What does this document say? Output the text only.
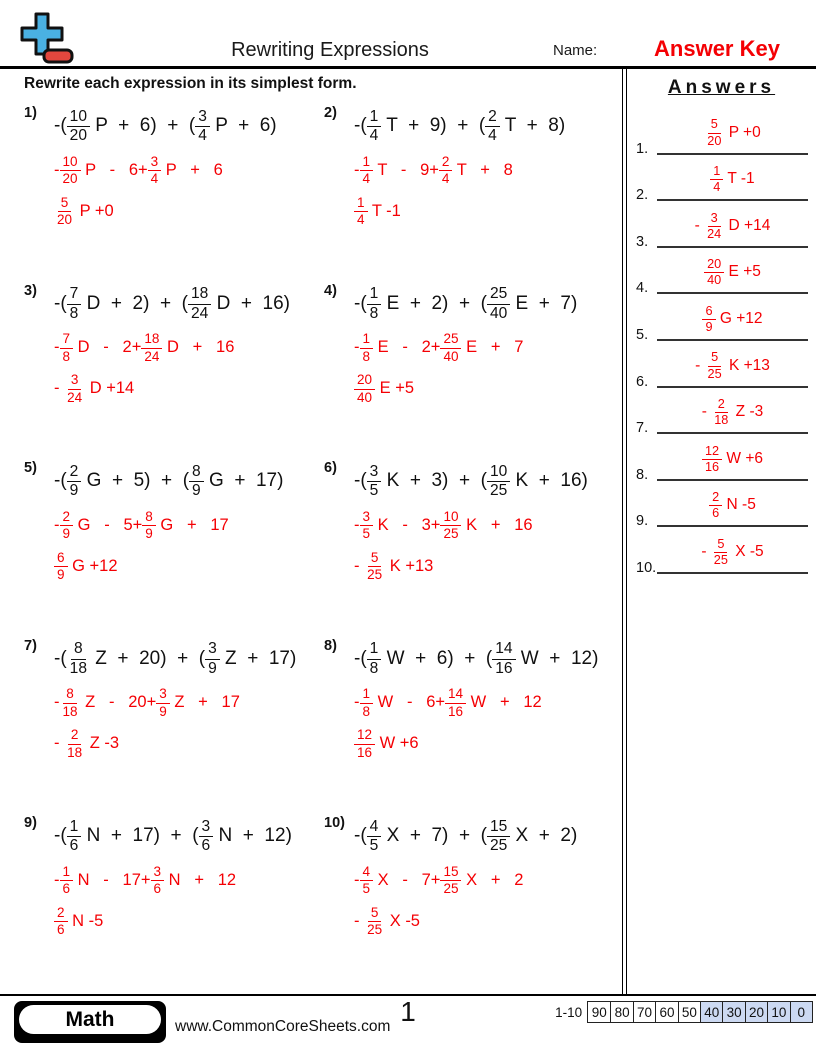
Rewriting Expressions	Name:	Answer Key
Rewrite each expression in its simplest form.
1)
-( $\frac{10}{20}$ P  +  6)  +  ( $\frac{3}{4}$ P  +  6)
- $\frac{10}{20}$ $P - 6+ \frac{3}{4}$ P   +   6
$\frac{5}{20}$ P +0
2)
-( $\frac{1}{4}$ T  +  9)  +  ( $\frac{2}{4}$ T  +  8)
- $\frac{1}{4}$ $T - 9+ \frac{2}{4}$ T   +   8
$\frac{1}{4}$ T -1
3)
-( $\frac{7}{8}$ D  +  2)  +  ( $\frac{18}{24}$ D  +  16)
- $\frac{7}{8}$ $D - 2+ \frac{18}{24}$ D   +   16
- $\frac{3}{24}$ D +14
4)
-( $\frac{1}{8}$ E  +  2)  +  ( $\frac{25}{40}$ E  +  7)
- $\frac{1}{8}$ $E - 2+ \frac{25}{40}$ E   +   7
$\frac{20}{40}$ E +5
5)
-( $\frac{2}{9}$ G  +  5)  +  ( $\frac{8}{9}$ G  +  17)
- $\frac{2}{9}$ $G - 5+ \frac{8}{9}$ G   +   17
$\frac{6}{9}$ G +12
6)
-( $\frac{3}{5}$ K  +  3)  +  ( $\frac{10}{25}$ K  +  16)
- $\frac{3}{5}$ $K - 3+ \frac{10}{25}$ K   +   16
- $\frac{5}{25}$ K +13
7)
-( $\frac{8}{18}$ Z  +  20)  +  ( $\frac{3}{9}$ Z  +  17)
- $\frac{8}{18}$ $Z - 20+ \frac{3}{9}$ Z   +   17
- $\frac{2}{18}$ Z -3
8)
-( $\frac{1}{8}$ W  +  6)  +  ( $\frac{14}{16}$ W  +  12)
- $\frac{1}{8}$ $W - 6+ \frac{14}{16}$ W   +   12
$\frac{12}{16}$ W +6
9)
-( $\frac{1}{6}$ N  +  17)  +  ( $\frac{3}{6}$ N  +  12)
- $\frac{1}{6}$ $N - 17+ \frac{3}{6}$ N   +   12
$\frac{2}{6}$ N -5
10)
-( $\frac{4}{5}$ X  +  7)  +  ( $\frac{15}{25}$ X  +  2)
- $\frac{4}{5}$ $X - 7+ \frac{15}{25}$ X   +   2
- $\frac{5}{25}$ X -5
Answers
1.
$\frac{5}{20}$ P +0
2.
$\frac{1}{4}$ T -1
3.
- $\frac{3}{24}$ D +14
4.
$\frac{20}{40}$ E +5
5.
$\frac{6}{9}$ G +12
6.
- $\frac{5}{25}$ K +13
7.
- $\frac{2}{18}$ Z -3
8.
$\frac{12}{16}$ W +6
9.
$\frac{2}{6}$ N -5
10.
- $\frac{5}{25}$ X -5
Math	www.CommonCoreSheets.com 1	1-10 90 80 70 60 50 40 30 20 10 0
